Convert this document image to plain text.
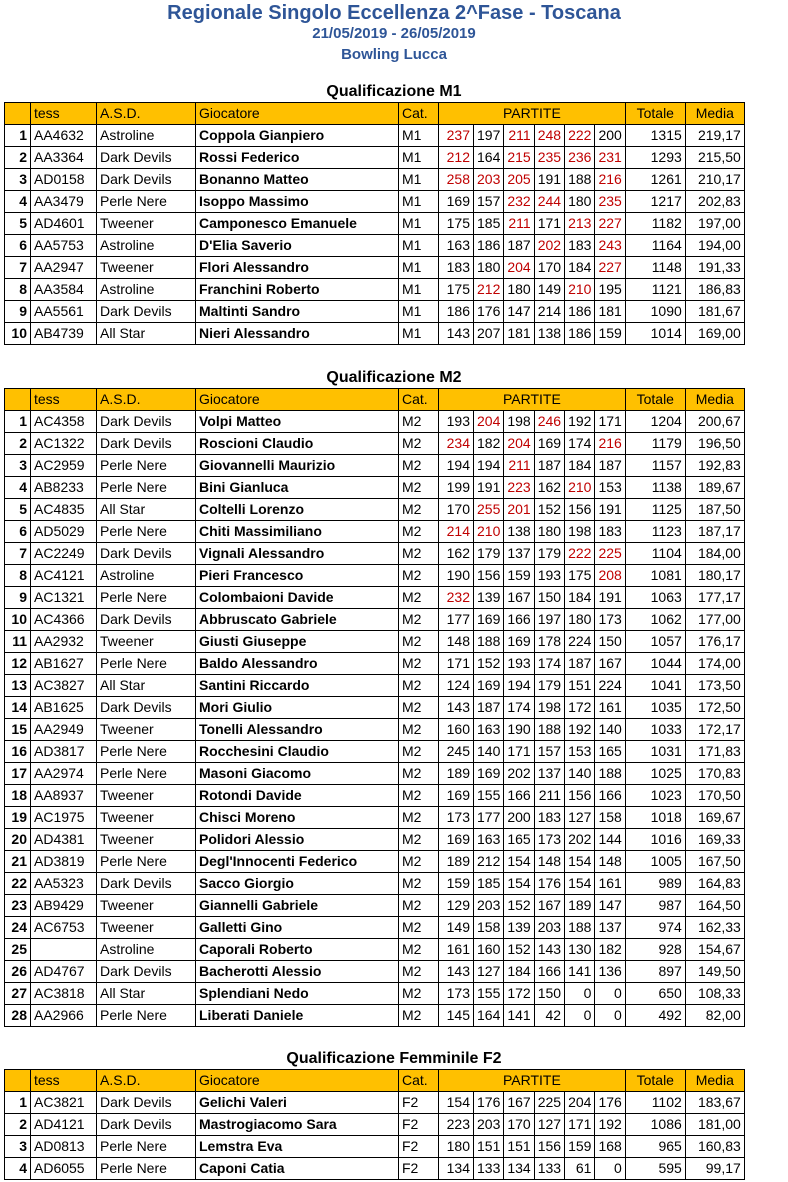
Regionale Singolo Eccellenza 2^Fase - Toscana
21/05/2019 - 26/05/2019
Bowling Lucca
Qualificazione M1
	tess	A.S.D.	Giocatore	Cat.	PARTITE						Totale	Media
1	AA4632	Astroline	Coppola Gianpiero	M1	237	197	211	248	222	200	1315	219,17
2	AA3364	Dark Devils	Rossi Federico	M1	212	164	215	235	236	231	1293	215,50
3	AD0158	Dark Devils	Bonanno Matteo	M1	258	203	205	191	188	216	1261	210,17
4	AA3479	Perle Nere	Isoppo Massimo	M1	169	157	232	244	180	235	1217	202,83
5	AD4601	Tweener	Camponesco Emanuele	M1	175	185	211	171	213	227	1182	197,00
6	AA5753	Astroline	D'Elia Saverio	M1	163	186	187	202	183	243	1164	194,00
7	AA2947	Tweener	Flori Alessandro	M1	183	180	204	170	184	227	1148	191,33
8	AA3584	Astroline	Franchini Roberto	M1	175	212	180	149	210	195	1121	186,83
9	AA5561	Dark Devils	Maltinti Sandro	M1	186	176	147	214	186	181	1090	181,67
10	AB4739	All Star	Nieri Alessandro	M1	143	207	181	138	186	159	1014	169,00
Qualificazione M2
	tess	A.S.D.	Giocatore	Cat.	PARTITE						Totale	Media
1	AC4358	Dark Devils	Volpi Matteo	M2	193	204	198	246	192	171	1204	200,67
2	AC1322	Dark Devils	Roscioni Claudio	M2	234	182	204	169	174	216	1179	196,50
3	AC2959	Perle Nere	Giovannelli Maurizio	M2	194	194	211	187	184	187	1157	192,83
4	AB8233	Perle Nere	Bini Gianluca	M2	199	191	223	162	210	153	1138	189,67
5	AC4835	All Star	Coltelli Lorenzo	M2	170	255	201	152	156	191	1125	187,50
6	AD5029	Perle Nere	Chiti Massimiliano	M2	214	210	138	180	198	183	1123	187,17
7	AC2249	Dark Devils	Vignali Alessandro	M2	162	179	137	179	222	225	1104	184,00
8	AC4121	Astroline	Pieri Francesco	M2	190	156	159	193	175	208	1081	180,17
9	AC1321	Perle Nere	Colombaioni Davide	M2	232	139	167	150	184	191	1063	177,17
10	AC4366	Dark Devils	Abbruscato Gabriele	M2	177	169	166	197	180	173	1062	177,00
11	AA2932	Tweener	Giusti Giuseppe	M2	148	188	169	178	224	150	1057	176,17
12	AB1627	Perle Nere	Baldo Alessandro	M2	171	152	193	174	187	167	1044	174,00
13	AC3827	All Star	Santini Riccardo	M2	124	169	194	179	151	224	1041	173,50
14	AB1625	Dark Devils	Mori Giulio	M2	143	187	174	198	172	161	1035	172,50
15	AA2949	Tweener	Tonelli Alessandro	M2	160	163	190	188	192	140	1033	172,17
16	AD3817	Perle Nere	Rocchesini Claudio	M2	245	140	171	157	153	165	1031	171,83
17	AA2974	Perle Nere	Masoni Giacomo	M2	189	169	202	137	140	188	1025	170,83
18	AA8937	Tweener	Rotondi Davide	M2	169	155	166	211	156	166	1023	170,50
19	AC1975	Tweener	Chisci Moreno	M2	173	177	200	183	127	158	1018	169,67
20	AD4381	Tweener	Polidori Alessio	M2	169	163	165	173	202	144	1016	169,33
21	AD3819	Perle Nere	Degl'Innocenti Federico	M2	189	212	154	148	154	148	1005	167,50
22	AA5323	Dark Devils	Sacco Giorgio	M2	159	185	154	176	154	161	989	164,83
23	AB9429	Tweener	Giannelli Gabriele	M2	129	203	152	167	189	147	987	164,50
24	AC6753	Tweener	Galletti Gino	M2	149	158	139	203	188	137	974	162,33
25		Astroline	Caporali Roberto	M2	161	160	152	143	130	182	928	154,67
26	AD4767	Dark Devils	Bacherotti Alessio	M2	143	127	184	166	141	136	897	149,50
27	AC3818	All Star	Splendiani Nedo	M2	173	155	172	150	0	0	650	108,33
28	AA2966	Perle Nere	Liberati Daniele	M2	145	164	141	42	0	0	492	82,00
Qualificazione Femminile F2
	tess	A.S.D.	Giocatore	Cat.	PARTITE						Totale	Media
1	AC3821	Dark Devils	Gelichi Valeri	F2	154	176	167	225	204	176	1102	183,67
2	AD4121	Dark Devils	Mastrogiacomo Sara	F2	223	203	170	127	171	192	1086	181,00
3	AD0813	Perle Nere	Lemstra Eva	F2	180	151	151	156	159	168	965	160,83
4	AD6055	Perle Nere	Caponi Catia	F2	134	133	134	133	61	0	595	99,17
